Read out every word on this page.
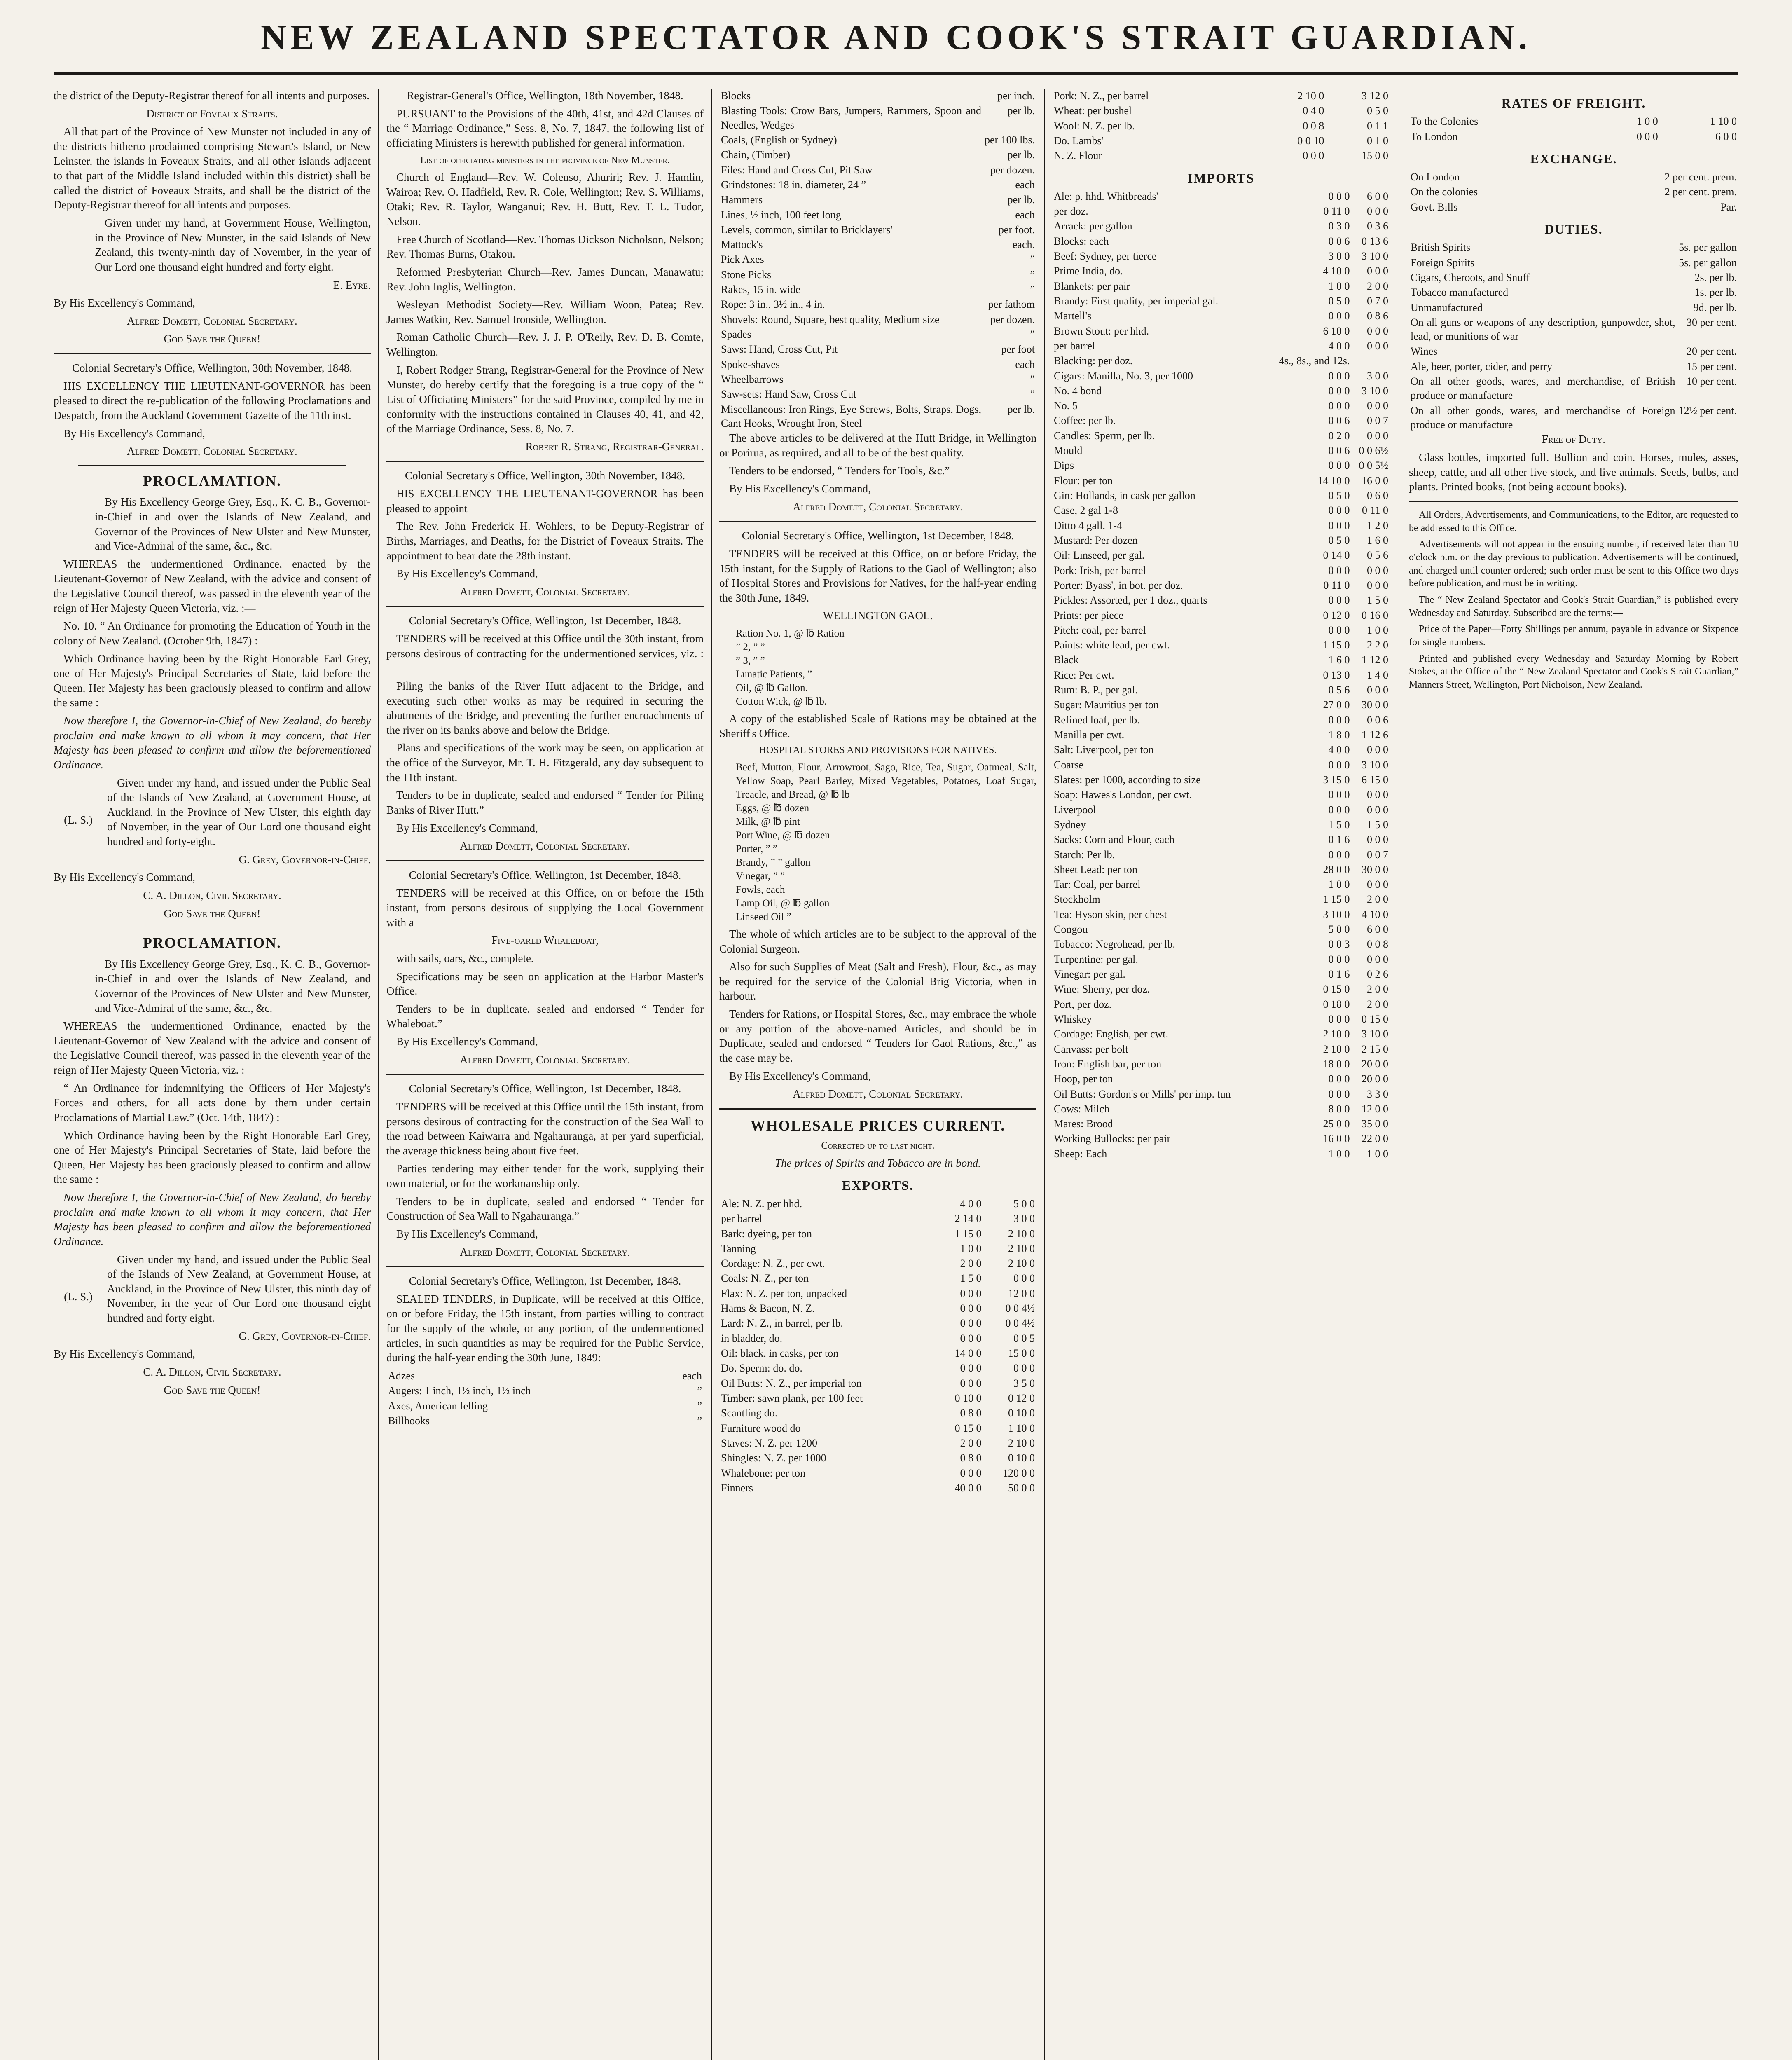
NEW ZEALAND SPECTATOR AND COOK'S STRAIT GUARDIAN.

the district of the Deputy-Registrar thereof for all intents and purposes.

District of Foveaux Straits.

All that part of the Province of New Munster not included in any of the districts hitherto proclaimed comprising Stewart's Island, or New Leinster, the islands in Foveaux Straits, and all other islands adjacent to that part of the Middle Island included within this district) shall be called the district of Foveaux Straits, and shall be the district of the Deputy-Registrar thereof for all intents and purposes.

Given under my hand, at Government House, Wellington, in the Province of New Munster, in the said Islands of New Zealand, this twenty-ninth day of November, in the year of Our Lord one thousand eight hundred and forty eight.

E. Eyre.

By His Excellency's Command,

Alfred Domett, Colonial Secretary.

God Save the Queen!

Colonial Secretary's Office, Wellington, 30th November, 1848.

HIS EXCELLENCY THE LIEUTENANT-GOVERNOR has been pleased to direct the re-publication of the following Proclamations and Despatch, from the Auckland Government Gazette of the 11th inst.

By His Excellency's Command,

Alfred Domett, Colonial Secretary.

PROCLAMATION.

By His Excellency George Grey, Esq., K. C. B., Governor-in-Chief in and over the Islands of New Zealand, and Governor of the Provinces of New Ulster and New Munster, and Vice-Admiral of the same, &c., &c.

WHEREAS the undermentioned Ordinance, enacted by the Lieutenant-Governor of New Zealand, with the advice and consent of the Legislative Council thereof, was passed in the eleventh year of the reign of Her Majesty Queen Victoria, viz. :—

No. 10. “ An Ordinance for promoting the Education of Youth in the colony of New Zealand. (October 9th, 1847) :

Which Ordinance having been by the Right Honorable Earl Grey, one of Her Majesty's Principal Secretaries of State, laid before the Queen, Her Majesty has been graciously pleased to confirm and allow the same :

Now therefore I, the Governor-in-Chief of New Zealand, do hereby proclaim and make known to all whom it may concern, that Her Majesty has been pleased to confirm and allow the beforementioned Ordinance.

(L. S.)

Given under my hand, and issued under the Public Seal of the Islands of New Zealand, at Government House, at Auckland, in the Province of New Ulster, this eighth day of November, in the year of Our Lord one thousand eight hundred and forty-eight.

G. Grey, Governor-in-Chief.

By His Excellency's Command,

C. A. Dillon, Civil Secretary.

God Save the Queen!

PROCLAMATION.

By His Excellency George Grey, Esq., K. C. B., Governor-in-Chief in and over the Islands of New Zealand, and Governor of the Provinces of New Ulster and New Munster, and Vice-Admiral of the same, &c., &c.

WHEREAS the undermentioned Ordinance, enacted by the Lieutenant-Governor of New Zealand with the advice and consent of the Legislative Council thereof, was passed in the eleventh year of the reign of Her Majesty Queen Victoria, viz. :

“ An Ordinance for indemnifying the Officers of Her Majesty's Forces and others, for all acts done by them under certain Proclamations of Martial Law.” (Oct. 14th, 1847) :

Which Ordinance having been by the Right Honorable Earl Grey, one of Her Majesty's Principal Secretaries of State, laid before the Queen, Her Majesty has been graciously pleased to confirm and allow the same :

Now therefore I, the Governor-in-Chief of New Zealand, do hereby proclaim and make known to all whom it may concern, that Her Majesty has been pleased to confirm and allow the beforementioned Ordinance.

(L. S.)

Given under my hand, and issued under the Public Seal of the Islands of New Zealand, at Government House, at Auckland, in the Province of New Ulster, this ninth day of November, in the year of Our Lord one thousand eight hundred and forty eight.

G. Grey, Governor-in-Chief.

By His Excellency's Command,

C. A. Dillon, Civil Secretary.

God Save the Queen!

Registrar-General's Office, Wellington, 18th November, 1848.

PURSUANT to the Provisions of the 40th, 41st, and 42d Clauses of the “ Marriage Ordinance,” Sess. 8, No. 7, 1847, the following list of officiating Ministers is herewith published for general information.

List of officiating ministers in the province of New Munster.

Church of England—Rev. W. Colenso, Ahuriri; Rev. J. Hamlin, Wairoa; Rev. O. Hadfield, Rev. R. Cole, Wellington; Rev. S. Williams, Otaki; Rev. R. Taylor, Wanganui; Rev. H. Butt, Rev. T. L. Tudor, Nelson.

Free Church of Scotland—Rev. Thomas Dickson Nicholson, Nelson; Rev. Thomas Burns, Otakou.

Reformed Presbyterian Church—Rev. James Duncan, Manawatu; Rev. John Inglis, Wellington.

Wesleyan Methodist Society—Rev. William Woon, Patea; Rev. James Watkin, Rev. Samuel Ironside, Wellington.

Roman Catholic Church—Rev. J. J. P. O'Reily, Rev. D. B. Comte, Wellington.

I, Robert Rodger Strang, Registrar-General for the Province of New Munster, do hereby certify that the foregoing is a true copy of the “ List of Officiating Ministers” for the said Province, compiled by me in conformity with the instructions contained in Clauses 40, 41, and 42, of the Marriage Ordinance, Sess. 8, No. 7.

Robert R. Strang, Registrar-General.

Colonial Secretary's Office, Wellington, 30th November, 1848.

HIS EXCELLENCY THE LIEUTENANT-GOVERNOR has been pleased to appoint

The Rev. John Frederick H. Wohlers, to be Deputy-Registrar of Births, Marriages, and Deaths, for the District of Foveaux Straits. The appointment to bear date the 28th instant.

By His Excellency's Command,

Alfred Domett, Colonial Secretary.

Colonial Secretary's Office, Wellington, 1st December, 1848.

TENDERS will be received at this Office until the 30th instant, from persons desirous of contracting for the undermentioned services, viz. :—

Piling the banks of the River Hutt adjacent to the Bridge, and executing such other works as may be required in securing the abutments of the Bridge, and preventing the further encroachments of the river on its banks above and below the Bridge.

Plans and specifications of the work may be seen, on application at the office of the Surveyor, Mr. T. H. Fitzgerald, any day subsequent to the 11th instant.

Tenders to be in duplicate, sealed and endorsed “ Tender for Piling Banks of River Hutt.”

By His Excellency's Command,

Alfred Domett, Colonial Secretary.

Colonial Secretary's Office, Wellington, 1st December, 1848.

TENDERS will be received at this Office, on or before the 15th instant, from persons desirous of supplying the Local Government with a

Five-oared Whaleboat,

with sails, oars, &c., complete.

Specifications may be seen on application at the Harbor Master's Office.

Tenders to be in duplicate, sealed and endorsed “ Tender for Whaleboat.”

By His Excellency's Command,

Alfred Domett, Colonial Secretary.

Colonial Secretary's Office, Wellington, 1st December, 1848.

TENDERS will be received at this Office until the 15th instant, from persons desirous of contracting for the construction of the Sea Wall to the road between Kaiwarra and Ngahauranga, at per yard superficial, the average thickness being about five feet.

Parties tendering may either tender for the work, supplying their own material, or for the workmanship only.

Tenders to be in duplicate, sealed and endorsed “ Tender for Construction of Sea Wall to Ngahauranga.”

By His Excellency's Command,

Alfred Domett, Colonial Secretary.

Colonial Secretary's Office, Wellington, 1st December, 1848.

SEALED TENDERS, in Duplicate, will be received at this Office, on or before Friday, the 15th instant, from parties willing to contract for the supply of the whole, or any portion, of the undermentioned articles, in such quantities as may be required for the Public Service, during the half-year ending the 30th June, 1849:

Adzes	each
Augers: 1 inch, 1½ inch, 1½ inch	”
Axes, American felling	”
Billhooks	”
Blocks	per inch.
Blasting Tools: Crow Bars, Jumpers, Rammers, Spoon and Needles, Wedges	per lb.
Coals, (English or Sydney)	per 100 lbs.
Chain, (Timber)	per lb.
Files: Hand and Cross Cut, Pit Saw	per dozen.
Grindstones: 18 in. diameter, 24 ”	each
Hammers	per lb.
Lines, ½ inch, 100 feet long	each
Levels, common, similar to Bricklayers'	per foot.
Mattock's	each.
Pick Axes	”
Stone Picks	”
Rakes, 15 in. wide	”
Rope: 3 in., 3½ in., 4 in.	per fathom
Shovels: Round, Square, best quality, Medium size	per dozen.
Spades	”
Saws: Hand, Cross Cut, Pit	per foot
Spoke-shaves	each
Wheelbarrows	”
Saw-sets: Hand Saw, Cross Cut	”
Miscellaneous: Iron Rings, Eye Screws, Bolts, Straps, Dogs, Cant Hooks, Wrought Iron, Steel	per lb.

The above articles to be delivered at the Hutt Bridge, in Wellington or Porirua, as required, and all to be of the best quality.

Tenders to be endorsed, “ Tenders for Tools, &c.”

By His Excellency's Command,

Alfred Domett, Colonial Secretary.

Colonial Secretary's Office, Wellington, 1st December, 1848.

TENDERS will be received at this Office, on or before Friday, the 15th instant, for the Supply of Rations to the Gaol of Wellington; also of Hospital Stores and Provisions for Natives, for the half-year ending the 30th June, 1849.

WELLINGTON GAOL.

Ration No. 1, @ ℔ Ration
” 2, ” ”
” 3, ” ”
Lunatic Patients, ”
Oil, @ ℔ Gallon.
Cotton Wick, @ ℔ lb.

A copy of the established Scale of Rations may be obtained at the Sheriff's Office.

HOSPITAL STORES AND PROVISIONS FOR NATIVES.

Beef, Mutton, Flour, Arrowroot, Sago, Rice, Tea, Sugar, Oatmeal, Salt, Yellow Soap, Pearl Barley, Mixed Vegetables, Potatoes, Loaf Sugar, Treacle, and Bread, @ ℔ lb
Eggs, @ ℔ dozen
Milk, @ ℔ pint
Port Wine, @ ℔ dozen
Porter, ” ”
Brandy, ” ” gallon
Vinegar, ” ”
Fowls, each
Lamp Oil, @ ℔ gallon
Linseed Oil ”

The whole of which articles are to be subject to the approval of the Colonial Surgeon.

Also for such Supplies of Meat (Salt and Fresh), Flour, &c., as may be required for the service of the Colonial Brig Victoria, when in harbour.

Tenders for Rations, or Hospital Stores, &c., may embrace the whole or any portion of the above-named Articles, and should be in Duplicate, sealed and endorsed “ Tenders for Gaol Rations, &c.,” as the case may be.

By His Excellency's Command,

Alfred Domett, Colonial Secretary.

WHOLESALE PRICES CURRENT.

Corrected up to last night.

The prices of Spirits and Tobacco are in bond.

EXPORTS.
Ale: N. Z. per hhd.	4 0 0	5 0 0
per barrel	2 14 0	3 0 0
Bark: dyeing, per ton	1 15 0	2 10 0
Tanning	1 0 0	2 10 0
Cordage: N. Z., per cwt.	2 0 0	2 10 0
Coals: N. Z., per ton	1 5 0	0 0 0
Flax: N. Z. per ton, unpacked	0 0 0	12 0 0
Hams & Bacon, N. Z.	0 0 0	0 0 4½
Lard: N. Z., in barrel, per lb.	0 0 0	0 0 4½
in bladder, do.	0 0 0	0 0 5
Oil: black, in casks, per ton	14 0 0	15 0 0
Do. Sperm: do. do.	0 0 0	0 0 0
Oil Butts: N. Z., per imperial ton	0 0 0	3 5 0
Timber: sawn plank, per 100 feet	0 10 0	0 12 0
Scantling do.	0 8 0	0 10 0
Furniture wood do	0 15 0	1 10 0
Staves: N. Z. per 1200	2 0 0	2 10 0
Shingles: N. Z. per 1000	0 8 0	0 10 0
Whalebone: per ton	0 0 0	120 0 0
Finners	40 0 0	50 0 0
Pork: N. Z., per barrel	2 10 0	3 12 0
Wheat: per bushel	0 4 0	0 5 0
Wool: N. Z. per lb.	0 0 8	0 1 1
Do. Lambs'	0 0 10	0 1 0
N. Z. Flour	0 0 0	15 0 0
IMPORTS
Ale: p. hhd. Whitbreads'	0 0 0	6 0 0
per doz.	0 11 0	0 0 0
Arrack: per gallon	0 3 0	0 3 6
Blocks: each	0 0 6	0 13 6
Beef: Sydney, per tierce	3 0 0	3 10 0
Prime India, do.	4 10 0	0 0 0
Blankets: per pair	1 0 0	2 0 0
Brandy: First quality, per imperial gal.	0 5 0	0 7 0
Martell's	0 0 0	0 8 6
Brown Stout: per hhd.	6 10 0	0 0 0
per barrel	4 0 0	0 0 0
Blacking: per doz.	4s., 8s., and 12s.	
Cigars: Manilla, No. 3, per 1000	0 0 0	3 0 0
No. 4 bond	0 0 0	3 10 0
No. 5	0 0 0	0 0 0
Coffee: per lb.	0 0 6	0 0 7
Candles: Sperm, per lb.	0 2 0	0 0 0
Mould	0 0 6	0 0 6½
Dips	0 0 0	0 0 5½
Flour: per ton	14 10 0	16 0 0
Gin: Hollands, in cask per gallon	0 5 0	0 6 0
Case, 2 gal 1-8	0 0 0	0 11 0
Ditto 4 gall. 1-4	0 0 0	1 2 0
Mustard: Per dozen	0 5 0	1 6 0
Oil: Linseed, per gal.	0 14 0	0 5 6
Pork: Irish, per barrel	0 0 0	0 0 0
Porter: Byass', in bot. per doz.	0 11 0	0 0 0
Pickles: Assorted, per 1 doz., quarts	0 0 0	1 5 0
Prints: per piece	0 12 0	0 16 0
Pitch: coal, per barrel	0 0 0	1 0 0
Paints: white lead, per cwt.	1 15 0	2 2 0
Black	1 6 0	1 12 0
Rice: Per cwt.	0 13 0	1 4 0
Rum: B. P., per gal.	0 5 6	0 0 0
Sugar: Mauritius per ton	27 0 0	30 0 0
Refined loaf, per lb.	0 0 0	0 0 6
Manilla per cwt.	1 8 0	1 12 6
Salt: Liverpool, per ton	4 0 0	0 0 0
Coarse	0 0 0	3 10 0
Slates: per 1000, according to size	3 15 0	6 15 0
Soap: Hawes's London, per cwt.	0 0 0	0 0 0
Liverpool	0 0 0	0 0 0
Sydney	1 5 0	1 5 0
Sacks: Corn and Flour, each	0 1 6	0 0 0
Starch: Per lb.	0 0 0	0 0 7
Sheet Lead: per ton	28 0 0	30 0 0
Tar: Coal, per barrel	1 0 0	0 0 0
Stockholm	1 15 0	2 0 0
Tea: Hyson skin, per chest	3 10 0	4 10 0
Congou	5 0 0	6 0 0
Tobacco: Negrohead, per lb.	0 0 3	0 0 8
Turpentine: per gal.	0 0 0	0 0 0
Vinegar: per gal.	0 1 6	0 2 6
Wine: Sherry, per doz.	0 15 0	2 0 0
Port, per doz.	0 18 0	2 0 0
Whiskey	0 0 0	0 15 0
Cordage: English, per cwt.	2 10 0	3 10 0
Canvass: per bolt	2 10 0	2 15 0
Iron: English bar, per ton	18 0 0	20 0 0
Hoop, per ton	0 0 0	20 0 0
Oil Butts: Gordon's or Mills' per imp. tun	0 0 0	3 3 0
Cows: Milch	8 0 0	12 0 0
Mares: Brood	25 0 0	35 0 0
Working Bullocks: per pair	16 0 0	22 0 0
Sheep: Each	1 0 0	1 0 0
RATES OF FREIGHT.
To the Colonies	1 0 0	1 10 0
To London	0 0 0	6 0 0
EXCHANGE.
On London	2 per cent. prem.
On the colonies	2 per cent. prem.
Govt. Bills	Par.
DUTIES.
British Spirits	5s. per gallon
Foreign Spirits	5s. per gallon
Cigars, Cheroots, and Snuff	2s. per lb.
Tobacco manufactured	1s. per lb.
Unmanufactured	9d. per lb.
On all guns or weapons of any description, gunpowder, shot, lead, or munitions of war	30 per cent.
Wines	20 per cent.
Ale, beer, porter, cider, and perry	15 per cent.
On all other goods, wares, and merchandise, of British produce or manufacture	10 per cent.
On all other goods, wares, and merchandise of Foreign produce or manufacture	12½ per cent.

Free of Duty.

Glass bottles, imported full. Bullion and coin. Horses, mules, asses, sheep, cattle, and all other live stock, and live animals. Seeds, bulbs, and plants. Printed books, (not being account books).

All Orders, Advertisements, and Communications, to the Editor, are requested to be addressed to this Office.

Advertisements will not appear in the ensuing number, if received later than 10 o'clock p.m. on the day previous to publication. Advertisements will be continued, and charged until counter-ordered; such order must be sent to this Office two days before publication, and must be in writing.

The “ New Zealand Spectator and Cook's Strait Guardian,” is published every Wednesday and Saturday. Subscribed are the terms:—

Price of the Paper—Forty Shillings per annum, payable in advance or Sixpence for single numbers.

Printed and published every Wednesday and Saturday Morning by Robert Stokes, at the Office of the “ New Zealand Spectator and Cook's Strait Guardian,” Manners Street, Wellington, Port Nicholson, New Zealand.
